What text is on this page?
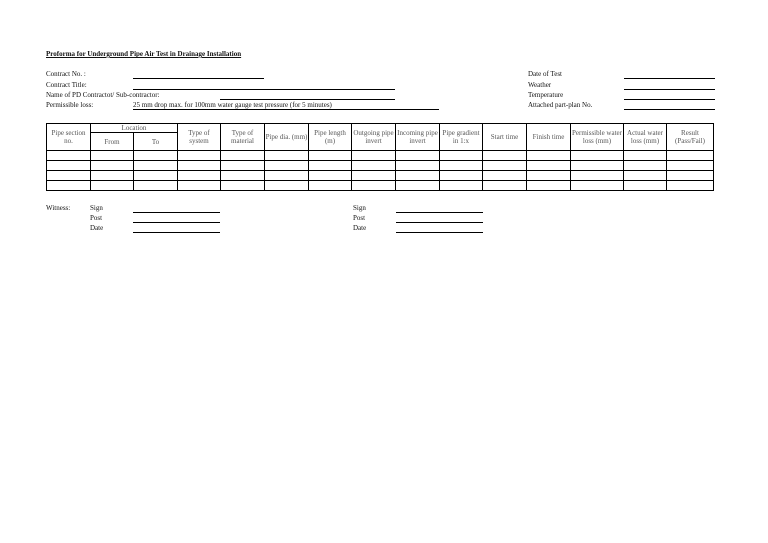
Proforma for Underground Pipe Air Test in Drainage Installation
Contract No. :
Contract Title:
Name of PD Contractot/ Sub-contractor:
Permissible loss:	25 mm drop max. for 100mm water gauge test pressure (for 5 minutes)
Date of Test
Weather
Temperature
Attached part-plan No.
Pipe section no.	Location		Type of system	Type of material	Pipe dia. (mm)	Pipe length (m)	Outgoing pipe invert	Incoming pipe invert	Pipe gradient in 1:x	Start time	Finish time	Permissible water loss (mm)	Actual water loss (mm)	Result (Pass/Fail)
	From	To												

Witness:	Sign
Post
Date
Sign
Post
Date
